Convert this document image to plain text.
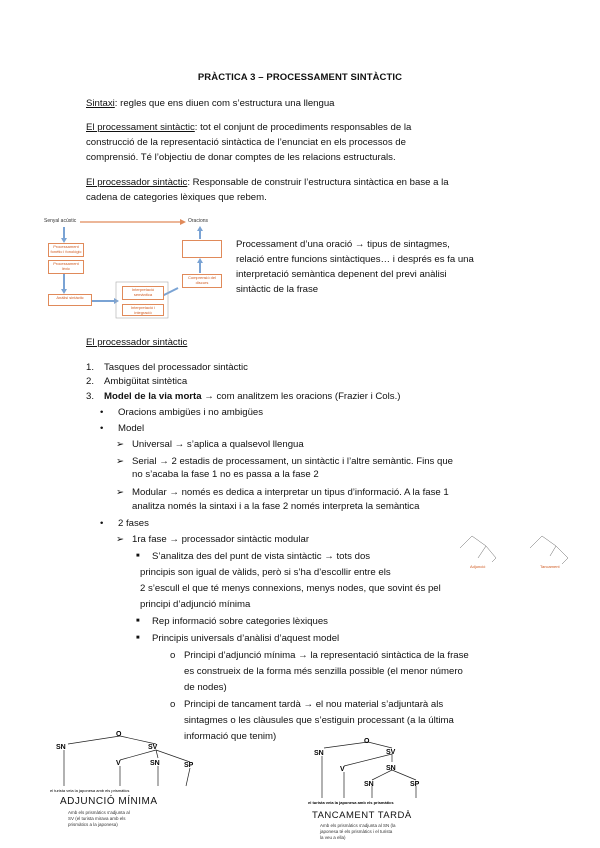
PRÀCTICA 3 – PROCESSAMENT SINTÀCTIC
Sintaxi: regles que ens diuen com s’estructura una llengua
El processament sintàctic: tot el conjunt de procediments responsables de la
construcció de la representació sintàctica de l’enunciat en els processos de
comprensió. Té l’objectiu de donar comptes de les relacions estructurals.
El processador sintàctic: Responsable de construir l’estructura sintàctica en base a la
cadena de categories lèxiques que rebem.
Senyal acústic	Oracions
Processament fonètic i fonològic
Processament lèxic
Anàlisi sintàctic
Interpretació semàntica
Interpretació i integració
Comprensió del discurs
Processament d’una oració → tipus de sintagmes,
relació entre funcions sintàctiques… i després es fa una
interpretació semàntica depenent del previ anàlisi
sintàctic de la frase
El processador sintàctic
1. Tasques del processador sintàctic
2. Ambigüitat sintètica
3. Model de la via morta → com analitzem les oracions (Frazier i Cols.)
• Oracions ambigües i no ambigües
• Model
➢ Universal → s’aplica a qualsevol llengua
➢ Serial → 2 estadis de processament, un sintàctic i l’altre semàntic. Fins que
no s’acaba la fase 1 no es passa a la fase 2
➢ Modular → només es dedica a interpretar un tipus d’informació. A la fase 1
analitza només la sintaxi i a la fase 2 només interpreta la semàntica
• 2 fases
➢ 1ra fase → processador sintàctic modular
■ S’analitza des del punt de vista sintàctic → tots dos
principis son igual de vàlids, però si s’ha d’escollir entre els
2 s’escull el que té menys connexions, menys nodes, que sovint és pel
principi d’adjunció mínima
■ Rep informació sobre categories lèxiques
■ Principis universals d’anàlisi d’aquest model
o Principi d’adjunció mínima → la representació sintàctica de la frase
es construeix de la forma més senzilla possible (el menor número
de nodes)
o Principi de tancament tardà → el nou material s’adjuntarà als
sintagmes o les clàusules que s’estiguin processant (a la última
informació que tenim)
Adjunció	Tancament
O
SN	SV
V	SN	SP
el turista veia la japonesa amb els prismàtics
ADJUNCIÓ MÍNIMA
Amb els prismàtics s’adjunta al
SV (el turista mirava amb els
prismàtics a la japonesa)
O
SN	SV
V	SN
SN	SP
el turista veia la japonesa amb els prismàtics
TANCAMENT TARDÀ
Amb els prismàtics s’adjunta al SN (la
japonesa té els prismàtics i el turista
la veu a ella)
